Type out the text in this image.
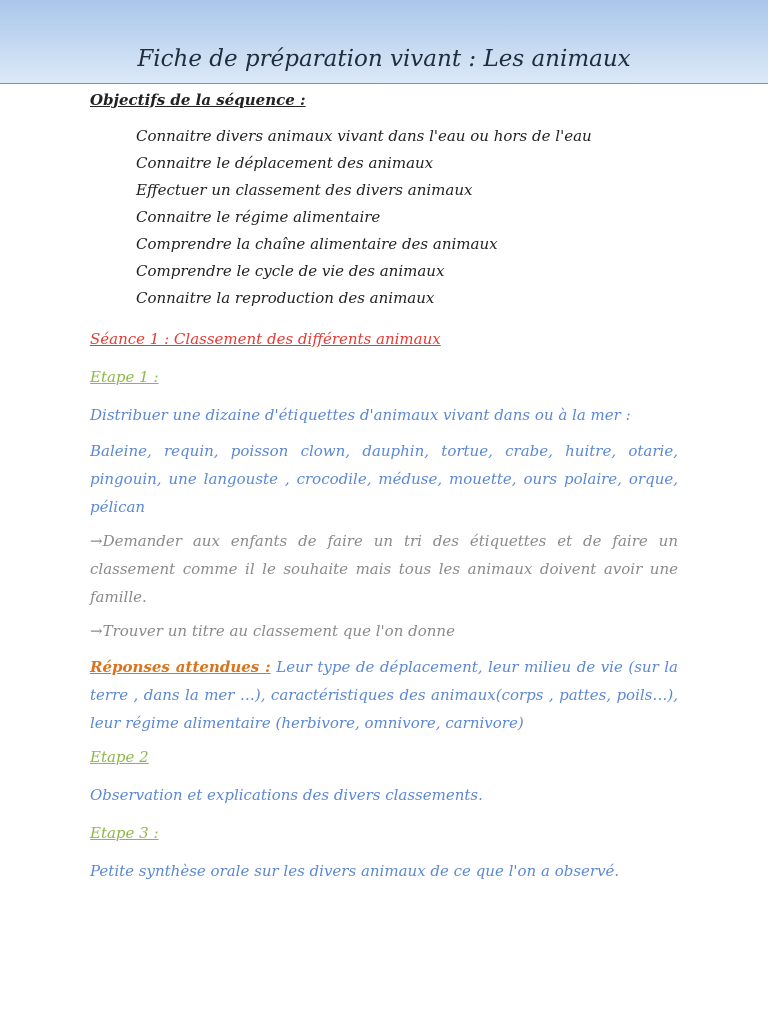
Fiche de préparation vivant : Les animaux

Objectifs de la séquence :

Connaitre divers animaux vivant dans l'eau ou hors de l'eau
Connaitre le déplacement des animaux
Effectuer un classement des divers animaux
Connaitre le régime alimentaire
Comprendre la chaîne alimentaire des animaux
Comprendre le cycle de vie des animaux
Connaitre la reproduction des animaux
Séance 1 : Classement des différents animaux
Etape 1 :
Distribuer une dizaine d'étiquettes d'animaux vivant dans ou à la mer :
Baleine, requin, poisson clown, dauphin, tortue, crabe, huitre, otarie, pingouin, une langouste , crocodile, méduse, mouette, ours polaire, orque, pélican
→Demander aux enfants de faire un tri des étiquettes et de faire un classement comme il le souhaite mais tous les animaux doivent avoir une famille.
→Trouver un titre au classement que l'on donne
Réponses attendues : Leur type de déplacement, leur milieu de vie (sur la terre , dans la mer …), caractéristiques des animaux(corps , pattes, poils…), leur régime alimentaire (herbivore, omnivore, carnivore)
Etape 2
Observation et explications des divers classements.
Etape 3 :
Petite synthèse orale sur les divers animaux de ce que l'on a observé.
